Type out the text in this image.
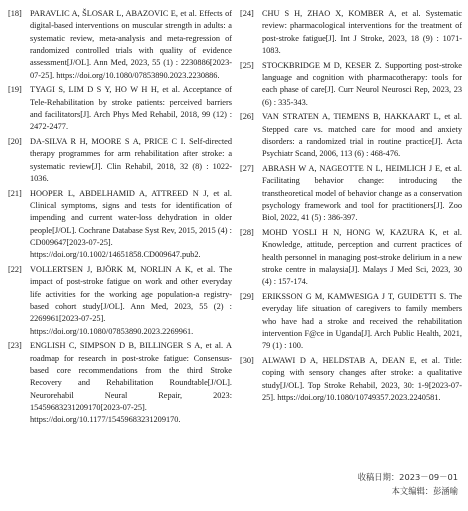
[18] PARAVLIC A, ŠLOSAR L, ABAZOVIC E, et al. Effects of digital-based interventions on muscular strength in adults: a systematic review, meta-analysis and meta-regression of randomized controlled trials with quality of evidence assessment[J/OL]. Ann Med, 2023, 55 (1) : 2230886[2023-07-25]. https://doi.org/10.1080/07853890.2023.2230886.
[19] TYAGI S, LIM D S Y, HO W H H, et al. Acceptance of Tele-Rehabilitation by stroke patients: perceived barriers and facilitators[J]. Arch Phys Med Rehabil, 2018, 99 (12) : 2472-2477.
[20] DA-SILVA R H, MOORE S A, PRICE C I. Self-directed therapy programmes for arm rehabilitation after stroke: a systematic review[J]. Clin Rehabil, 2018, 32 (8) : 1022-1036.
[21] HOOPER L, ABDELHAMID A, ATTREED N J, et al. Clinical symptoms, signs and tests for identification of impending and current water-loss dehydration in older people[J/OL]. Cochrane Database Syst Rev, 2015, 2015 (4) : CD009647[2023-07-25]. https://doi.org/10.1002/14651858.CD009647.pub2.
[22] VOLLERTSEN J, BJÖRK M, NORLIN A K, et al. The impact of post-stroke fatigue on work and other everyday life activities for the working age population-a registry-based cohort study[J/OL]. Ann Med, 2023, 55 (2) : 2269961[2023-07-25]. https://doi.org/10.1080/07853890.2023.2269961.
[23] ENGLISH C, SIMPSON D B, BILLINGER S A, et al. A roadmap for research in post-stroke fatigue: Consensus-based core recommendations from the third Stroke Recovery and Rehabilitation Roundtable[J/OL]. Neurorehabil Neural Repair, 2023: 15459683231209170[2023-07-25]. https://doi.org/10.1177/15459683231209170.
[24] CHU S H, ZHAO X, KOMBER A, et al. Systematic review: pharmacological interventions for the treatment of post-stroke fatigue[J]. Int J Stroke, 2023, 18 (9) : 1071-1083.
[25] STOCKBRIDGE M D, KESER Z. Supporting post-stroke language and cognition with pharmacotherapy: tools for each phase of care[J]. Curr Neurol Neurosci Rep, 2023, 23 (6) : 335-343.
[26] VAN STRATEN A, TIEMENS B, HAKKAART L, et al. Stepped care vs. matched care for mood and anxiety disorders: a randomized trial in routine practice[J]. Acta Psychiatr Scand, 2006, 113 (6) : 468-476.
[27] ABRASH W A, NAGEOTTE N L, HEIMLICH J E, et al. Facilitating behavior change: introducing the transtheoretical model of behavior change as a conservation psychology framework and tool for practitioners[J]. Zoo Biol, 2022, 41 (5) : 386-397.
[28] MOHD YOSLI H N, HONG W, KAZURA K, et al. Knowledge, attitude, perception and current practices of health personnel in managing post-stroke delirium in a new stroke centre in malaysia[J]. Malays J Med Sci, 2023, 30 (4) : 157-174.
[29] ERIKSSON G M, KAMWESIGA J T, GUIDETTI S. The everyday life situation of caregivers to family members who have had a stroke and received the rehabilitation intervention F@ce in Uganda[J]. Arch Public Health, 2021, 79 (1) : 100.
[30] ALWAWI D A, HELDSTAB A, DEAN E, et al. Title: coping with sensory changes after stroke: a qualitative study[J/OL]. Top Stroke Rehabil, 2023, 30: 1-9[2023-07-25]. https://doi.org/10.1080/10749357.2023.2240581.
收稿日期：2023－09－01
本文编辑：彭涵喻
